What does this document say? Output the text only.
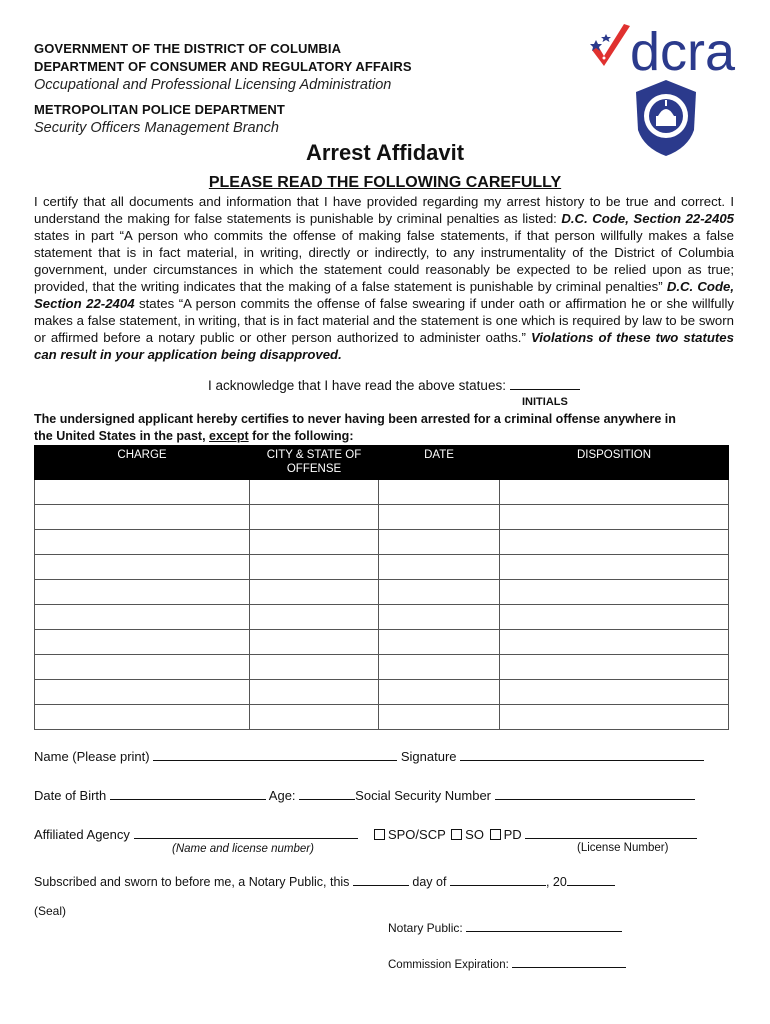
GOVERNMENT OF THE DISTRICT OF COLUMBIA
DEPARTMENT OF CONSUMER AND REGULATORY AFFAIRS
Occupational and Professional Licensing Administration
METROPOLITAN POLICE DEPARTMENT
Security Officers Management Branch
dcra
Arrest Affidavit
PLEASE READ THE FOLLOWING CAREFULLY
I certify that all documents and information that I have provided regarding my arrest history to be true and correct. I understand the making for false statements is punishable by criminal penalties as listed: D.C. Code, Section 22-2405 states in part “A person who commits the offense of making false statements, if that person willfully makes a false statement that is in fact material, in writing, directly or indirectly, to any instrumentality of the District of Columbia government, under circumstances in which the statement could reasonably be expected to be relied upon as true; provided, that the writing indicates that the making of a false statement is punishable by criminal penalties” D.C. Code, Section 22-2404 states “A person commits the offense of false swearing if under oath or affirmation he or she willfully makes a false statement, in writing, that is in fact material and the statement is one which is required by law to be sworn or affirmed before a notary public or other person authorized to administer oaths.” Violations of these two statutes can result in your application being disapproved.
I acknowledge that I have read the above statues:
INITIALS
The undersigned applicant hereby certifies to never having been arrested for a criminal offense anywhere in
the United States in the past, except for the following:
CHARGE	CITY & STATE OF OFFENSE	DATE	DISPOSITION

Name (Please print)	Signature
Date of Birth	Age:	Social Security Number
Affiliated Agency	SPO/SCP SO PD
(Name and license number)	(License Number)
Subscribed and sworn to before me, a Notary Public, this	day of	, 20
(Seal)
Notary Public:
Commission Expiration:
